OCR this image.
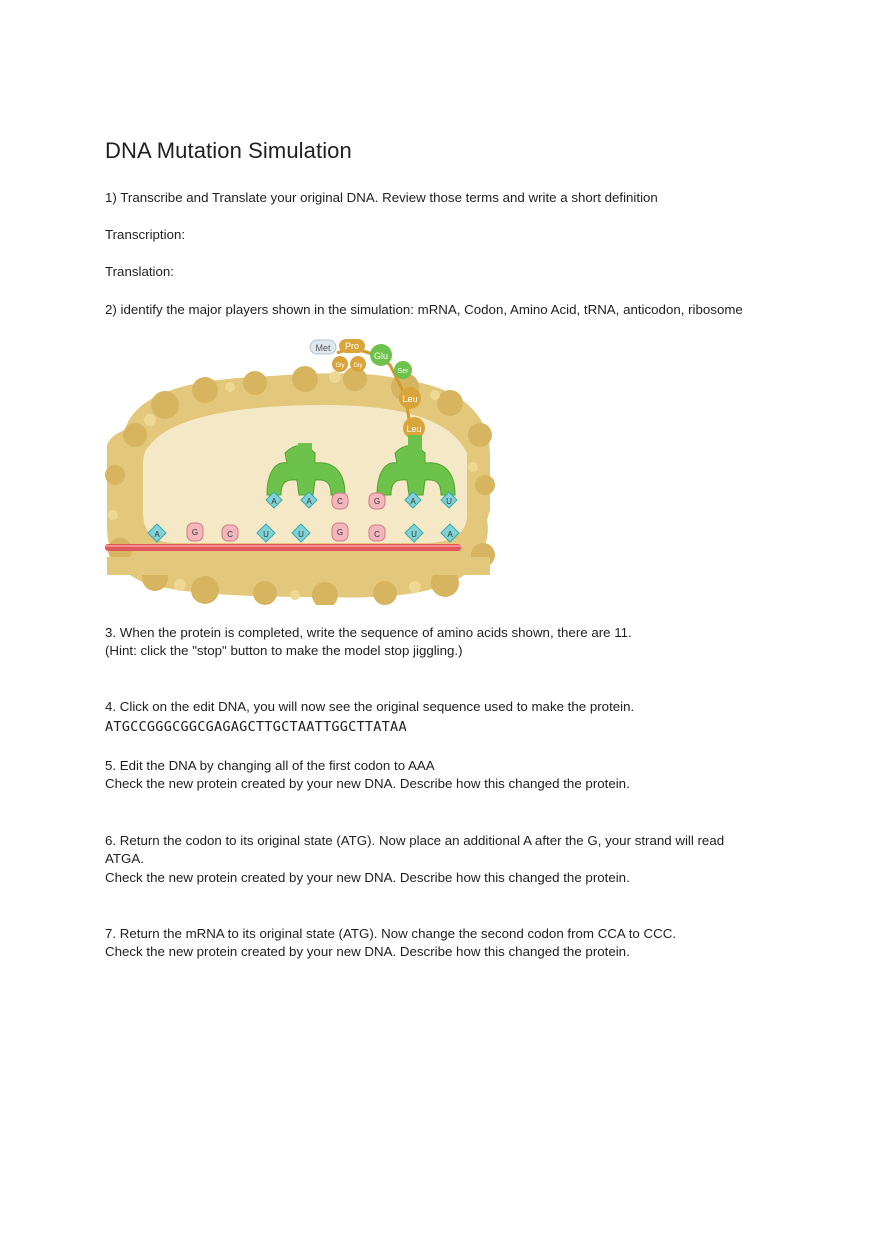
DNA Mutation Simulation

1) Transcribe and Translate your original DNA. Review those terms and write a short definition

Transcription:

Translation:

2) identify the major players shown in the simulation: mRNA, Codon, Amino Acid, tRNA, anticodon, ribosome

Met Pro
Gly Gly
Glu
Ser
Leu
Leu
A	A	C	G	A	U
A	G	C	U	U	G	C	U	A

3. When the protein is completed, write the sequence of amino acids shown, there are 11.

(Hint: click the "stop" button to make the model stop jiggling.)

4. Click on the edit DNA, you will now see the original sequence used to make the protein.

ATGCCGGGCGGCGAGAGCTTGCTAATTGGCTTATAA

5. Edit the DNA by changing all of the first codon to AAA

Check the new protein created by your new DNA. Describe how this changed the protein.

6. Return the codon to its original state (ATG). Now place an additional A after the G, your strand will read

ATGA.

Check the new protein created by your new DNA. Describe how this changed the protein.

7. Return the mRNA to its original state (ATG). Now change the second codon from CCA to CCC.

Check the new protein created by your new DNA. Describe how this changed the protein.
